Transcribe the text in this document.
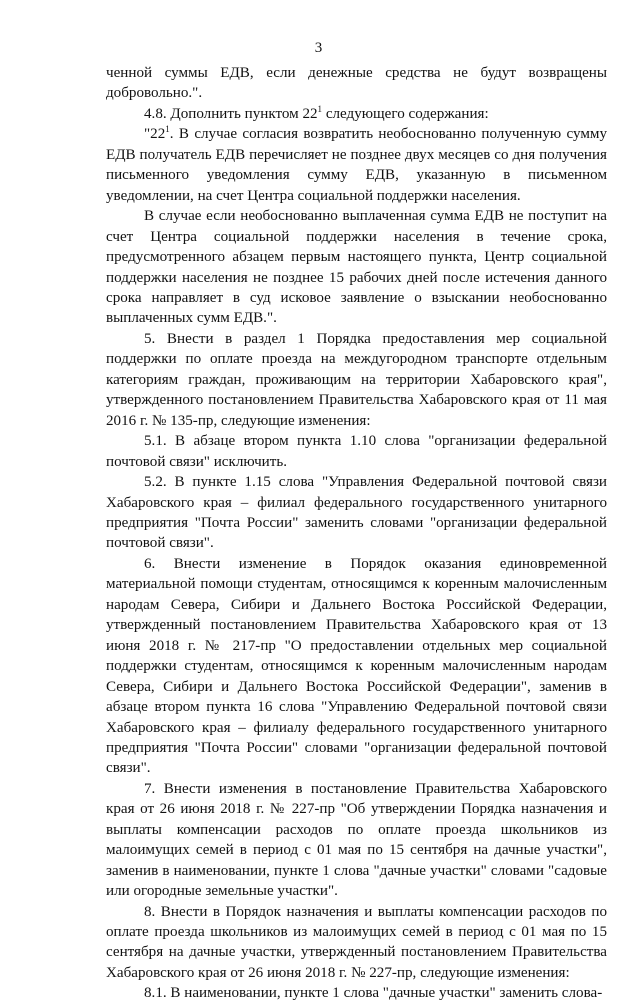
3

ченной суммы ЕДВ, если денежные средства не будут возвращены добровольно.".

4.8. Дополнить пунктом $22^1$ следующего содержания:

"$22^1$. В случае согласия возвратить необоснованно полученную сумму ЕДВ получатель ЕДВ перечисляет не позднее двух месяцев со дня получения письменного уведомления сумму ЕДВ, указанную в письменном уведомлении, на счет Центра социальной поддержки населения.

В случае если необоснованно выплаченная сумма ЕДВ не поступит на счет Центра социальной поддержки населения в течение срока, предусмотренного абзацем первым настоящего пункта, Центр социальной поддержки населения не позднее 15 рабочих дней после истечения данного срока направляет в суд исковое заявление о взыскании необоснованно выплаченных сумм ЕДВ.".

5. Внести в раздел 1 Порядка предоставления мер социальной поддержки по оплате проезда на междугородном транспорте отдельным категориям граждан, проживающим на территории Хабаровского края", утвержденного постановлением Правительства Хабаровского края от 11 мая 2016 г. № 135-пр, следующие изменения:

5.1. В абзаце втором пункта 1.10 слова "организации федеральной почтовой связи" исключить.

5.2. В пункте 1.15 слова "Управления Федеральной почтовой связи Хабаровского края – филиал федерального государственного унитарного предприятия "Почта России" заменить словами "организации федеральной почтовой связи".

6. Внести изменение в Порядок оказания единовременной материальной помощи студентам, относящимся к коренным малочисленным народам Севера, Сибири и Дальнего Востока Российской Федерации, утвержденный постановлением Правительства Хабаровского края от 13 июня 2018 г. № 217-пр "О предоставлении отдельных мер социальной поддержки студентам, относящимся к коренным малочисленным народам Севера, Сибири и Дальнего Востока Российской Федерации", заменив в абзаце втором пункта 16 слова "Управлению Федеральной почтовой связи Хабаровского края – филиалу федерального государственного унитарного предприятия "Почта России" словами "организации федеральной почтовой связи".

7. Внести изменения в постановление Правительства Хабаровского края от 26 июня 2018 г. № 227-пр "Об утверждении Порядка назначения и выплаты компенсации расходов по оплате проезда школьников из малоимущих семей в период с 01 мая по 15 сентября на дачные участки", заменив в наименовании, пункте 1 слова "дачные участки" словами "садовые или огородные земельные участки".

8. Внести в Порядок назначения и выплаты компенсации расходов по оплате проезда школьников из малоимущих семей в период с 01 мая по 15 сентября на дачные участки, утвержденный постановлением Правительства Хабаровского края от 26 июня 2018 г. № 227-пр, следующие изменения:

8.1. В наименовании, пункте 1 слова "дачные участки" заменить слова-
